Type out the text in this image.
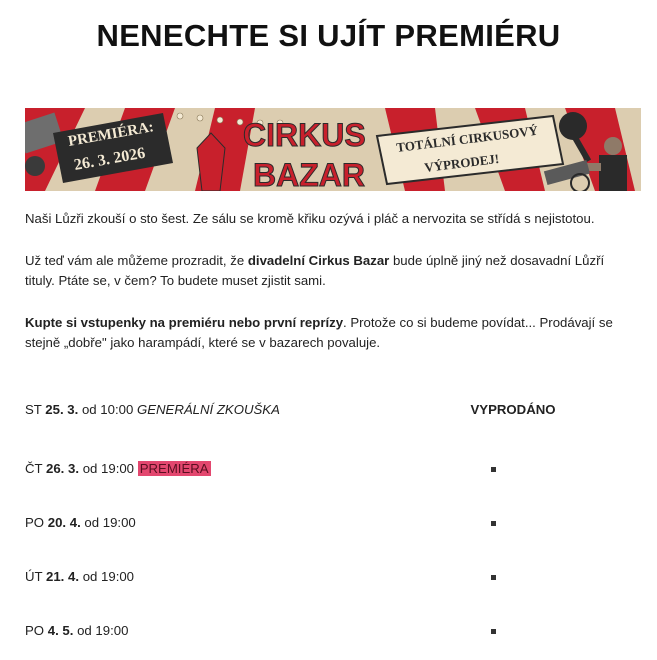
NENECHTE SI UJÍT PREMIÉRU
PREMIÉRA:
26. 3. 2026
CIRKUS
BAZAR
TOTÁLNÍ CIRKUSOVÝ
VÝPRODEJ!
Naši Lůzři zkouší o sto šest. Ze sálu se kromě křiku ozývá i pláč a nervozita se střídá s nejistotou.
Už teď vám ale můžeme prozradit, že divadelní Cirkus Bazar bude úplně jiný než dosavadní Lůzří tituly. Ptáte se, v čem? To budete muset zjistit sami.
Kupte si vstupenky na premiéru nebo první reprízy. Protože co si budeme povídat... Prodávají se stejně „dobře" jako harampádí, které se v bazarech povaluje.
ST 25. 3. od 10:00 GENERÁLNÍ ZKOUŠKA	VYPRODÁNO
ČT 26. 3. od 19:00 PREMIÉRA
PO 20. 4. od 19:00
ÚT 21. 4. od 19:00
PO 4. 5. od 19:00
